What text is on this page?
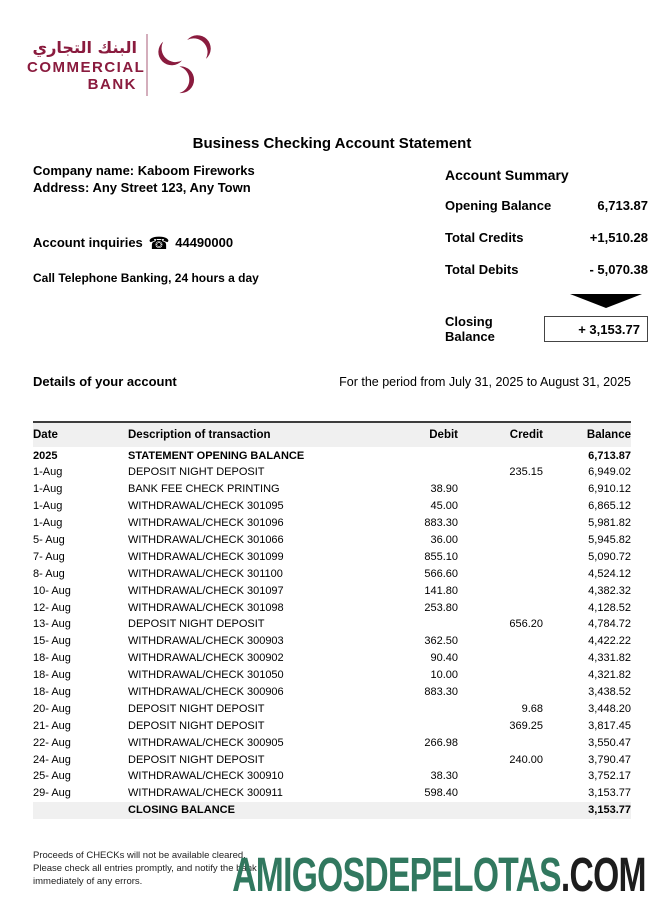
البنك التجاري
COMMERCIAL
BANK
Business Checking Account Statement
Company name: Kaboom Fireworks
Address: Any Street 123, Any Town
Account inquiries ☎ 44490000
Call Telephone Banking, 24 hours a day
Account Summary
Opening Balance	6,713.87
Total Credits	+1,510.28
Total Debits	- 5,070.38
Closing Balance	+ 3,153.77
Details of your account	For the period from July 31, 2025 to August 31, 2025
Date	Description of transaction	Debit	Credit	Balance
2025	STATEMENT OPENING BALANCE			6,713.87
1-Aug	DEPOSIT NIGHT DEPOSIT		235.15	6,949.02
1-Aug	BANK FEE CHECK PRINTING	38.90		6,910.12
1-Aug	WITHDRAWAL/CHECK 301095	45.00		6,865.12
1-Aug	WITHDRAWAL/CHECK 301096	883.30		5,981.82
5- Aug	WITHDRAWAL/CHECK 301066	36.00		5,945.82
7- Aug	WITHDRAWAL/CHECK 301099	855.10		5,090.72
8- Aug	WITHDRAWAL/CHECK 301100	566.60		4,524.12
10- Aug	WITHDRAWAL/CHECK 301097	141.80		4,382.32
12- Aug	WITHDRAWAL/CHECK 301098	253.80		4,128.52
13- Aug	DEPOSIT NIGHT DEPOSIT		656.20	4,784.72
15- Aug	WITHDRAWAL/CHECK 300903	362.50		4,422.22
18- Aug	WITHDRAWAL/CHECK 300902	90.40		4,331.82
18- Aug	WITHDRAWAL/CHECK 301050	10.00		4,321.82
18- Aug	WITHDRAWAL/CHECK 300906	883.30		3,438.52
20- Aug	DEPOSIT NIGHT DEPOSIT		9.68	3,448.20
21- Aug	DEPOSIT NIGHT DEPOSIT		369.25	3,817.45
22- Aug	WITHDRAWAL/CHECK 300905	266.98		3,550.47
24- Aug	DEPOSIT NIGHT DEPOSIT		240.00	3,790.47
25- Aug	WITHDRAWAL/CHECK 300910	38.30		3,752.17
29- Aug	WITHDRAWAL/CHECK 300911	598.40		3,153.77
	CLOSING BALANCE			3,153.77
Proceeds of CHECKs will not be available cleared. Please check all entries promptly, and notify the bank immediately of any errors.	AMIGOSDEPELOTAS.COM
